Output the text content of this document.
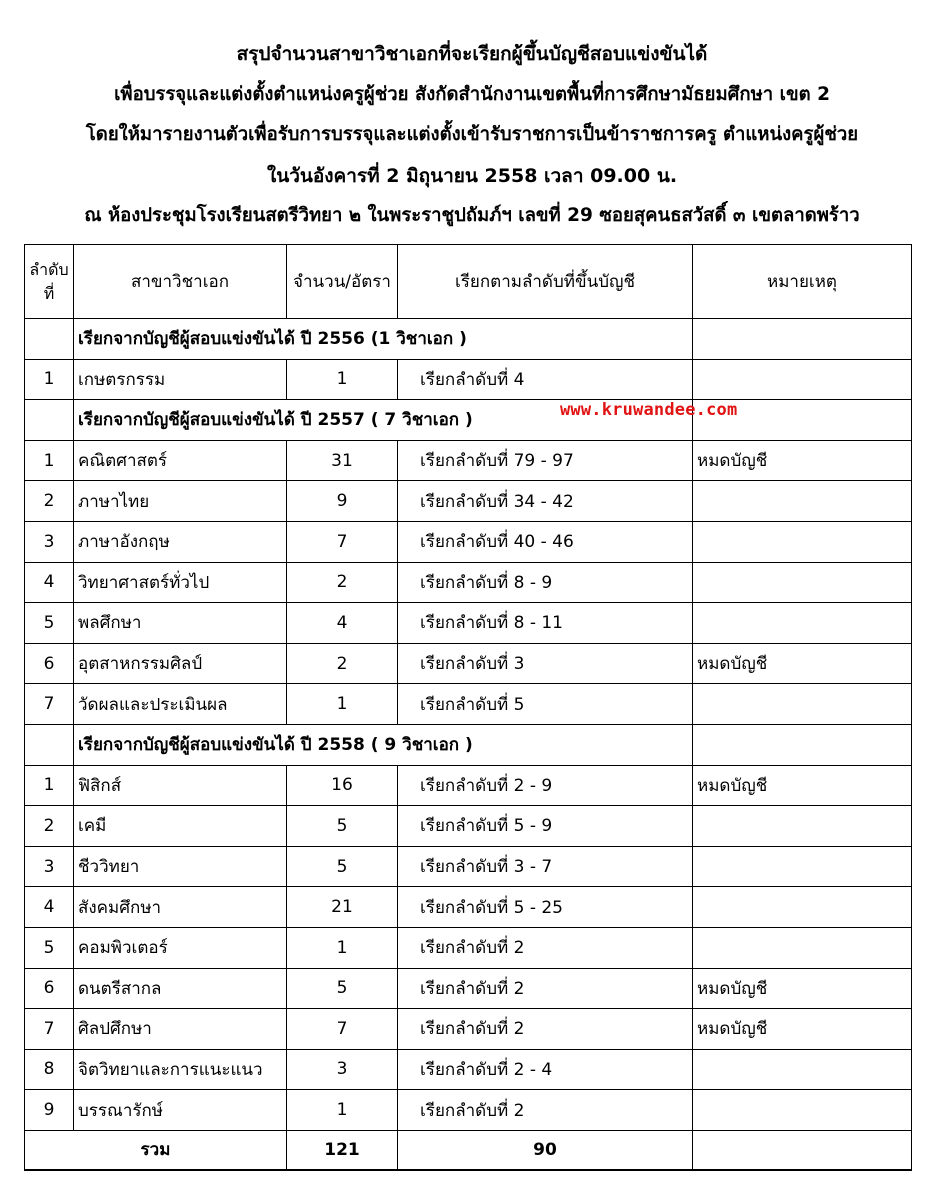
สรุปจำนวนสาขาวิชาเอกที่จะเรียกผู้ขึ้นบัญชีสอบแข่งขันได้
เพื่อบรรจุและแต่งตั้งตำแหน่งครูผู้ช่วย สังกัดสำนักงานเขตพื้นที่การศึกษามัธยมศึกษา เขต 2
โดยให้มารายงานตัวเพื่อรับการบรรจุและแต่งตั้งเข้ารับราชการเป็นข้าราชการครู ตำแหน่งครูผู้ช่วย
ในวันอังคารที่ 2 มิถุนายน 2558 เวลา 09.00 น.
ณ ห้องประชุมโรงเรียนสตรีวิทยา ๒ ในพระราชูปถัมภ์ฯ เลขที่ 29 ซอยสุคนธสวัสดิ์ ๓ เขตลาดพร้าว
ลำดับที่	สาขาวิชาเอก	จำนวน/อัตรา	เรียกตามลำดับที่ขึ้นบัญชี	หมายเหตุ
	เรียกจากบัญชีผู้สอบแข่งขันได้ ปี 2556 (1 วิชาเอก )			
1	เกษตรกรรม	1	เรียกลำดับที่ 4	
	เรียกจากบัญชีผู้สอบแข่งขันได้ ปี 2557 ( 7 วิชาเอก )			
1	คณิตศาสตร์	31	เรียกลำดับที่ 79 - 97	หมดบัญชี
2	ภาษาไทย	9	เรียกลำดับที่ 34 - 42	
3	ภาษาอังกฤษ	7	เรียกลำดับที่ 40 - 46	
4	วิทยาศาสตร์ทั่วไป	2	เรียกลำดับที่ 8 - 9	
5	พลศึกษา	4	เรียกลำดับที่ 8 - 11	
6	อุตสาหกรรมศิลป์	2	เรียกลำดับที่ 3	หมดบัญชี
7	วัดผลและประเมินผล	1	เรียกลำดับที่ 5	
	เรียกจากบัญชีผู้สอบแข่งขันได้ ปี 2558 ( 9 วิชาเอก )			
1	ฟิสิกส์	16	เรียกลำดับที่ 2 - 9	หมดบัญชี
2	เคมี	5	เรียกลำดับที่ 5 - 9	
3	ชีววิทยา	5	เรียกลำดับที่ 3 - 7	
4	สังคมศึกษา	21	เรียกลำดับที่ 5 - 25	
5	คอมพิวเตอร์	1	เรียกลำดับที่ 2	
6	ดนตรีสากล	5	เรียกลำดับที่ 2	หมดบัญชี
7	ศิลปศึกษา	7	เรียกลำดับที่ 2	หมดบัญชี
8	จิตวิทยาและการแนะแนว	3	เรียกลำดับที่ 2 - 4	
9	บรรณารักษ์	1	เรียกลำดับที่ 2	
รวม		121	90	
www.kruwandee.com
